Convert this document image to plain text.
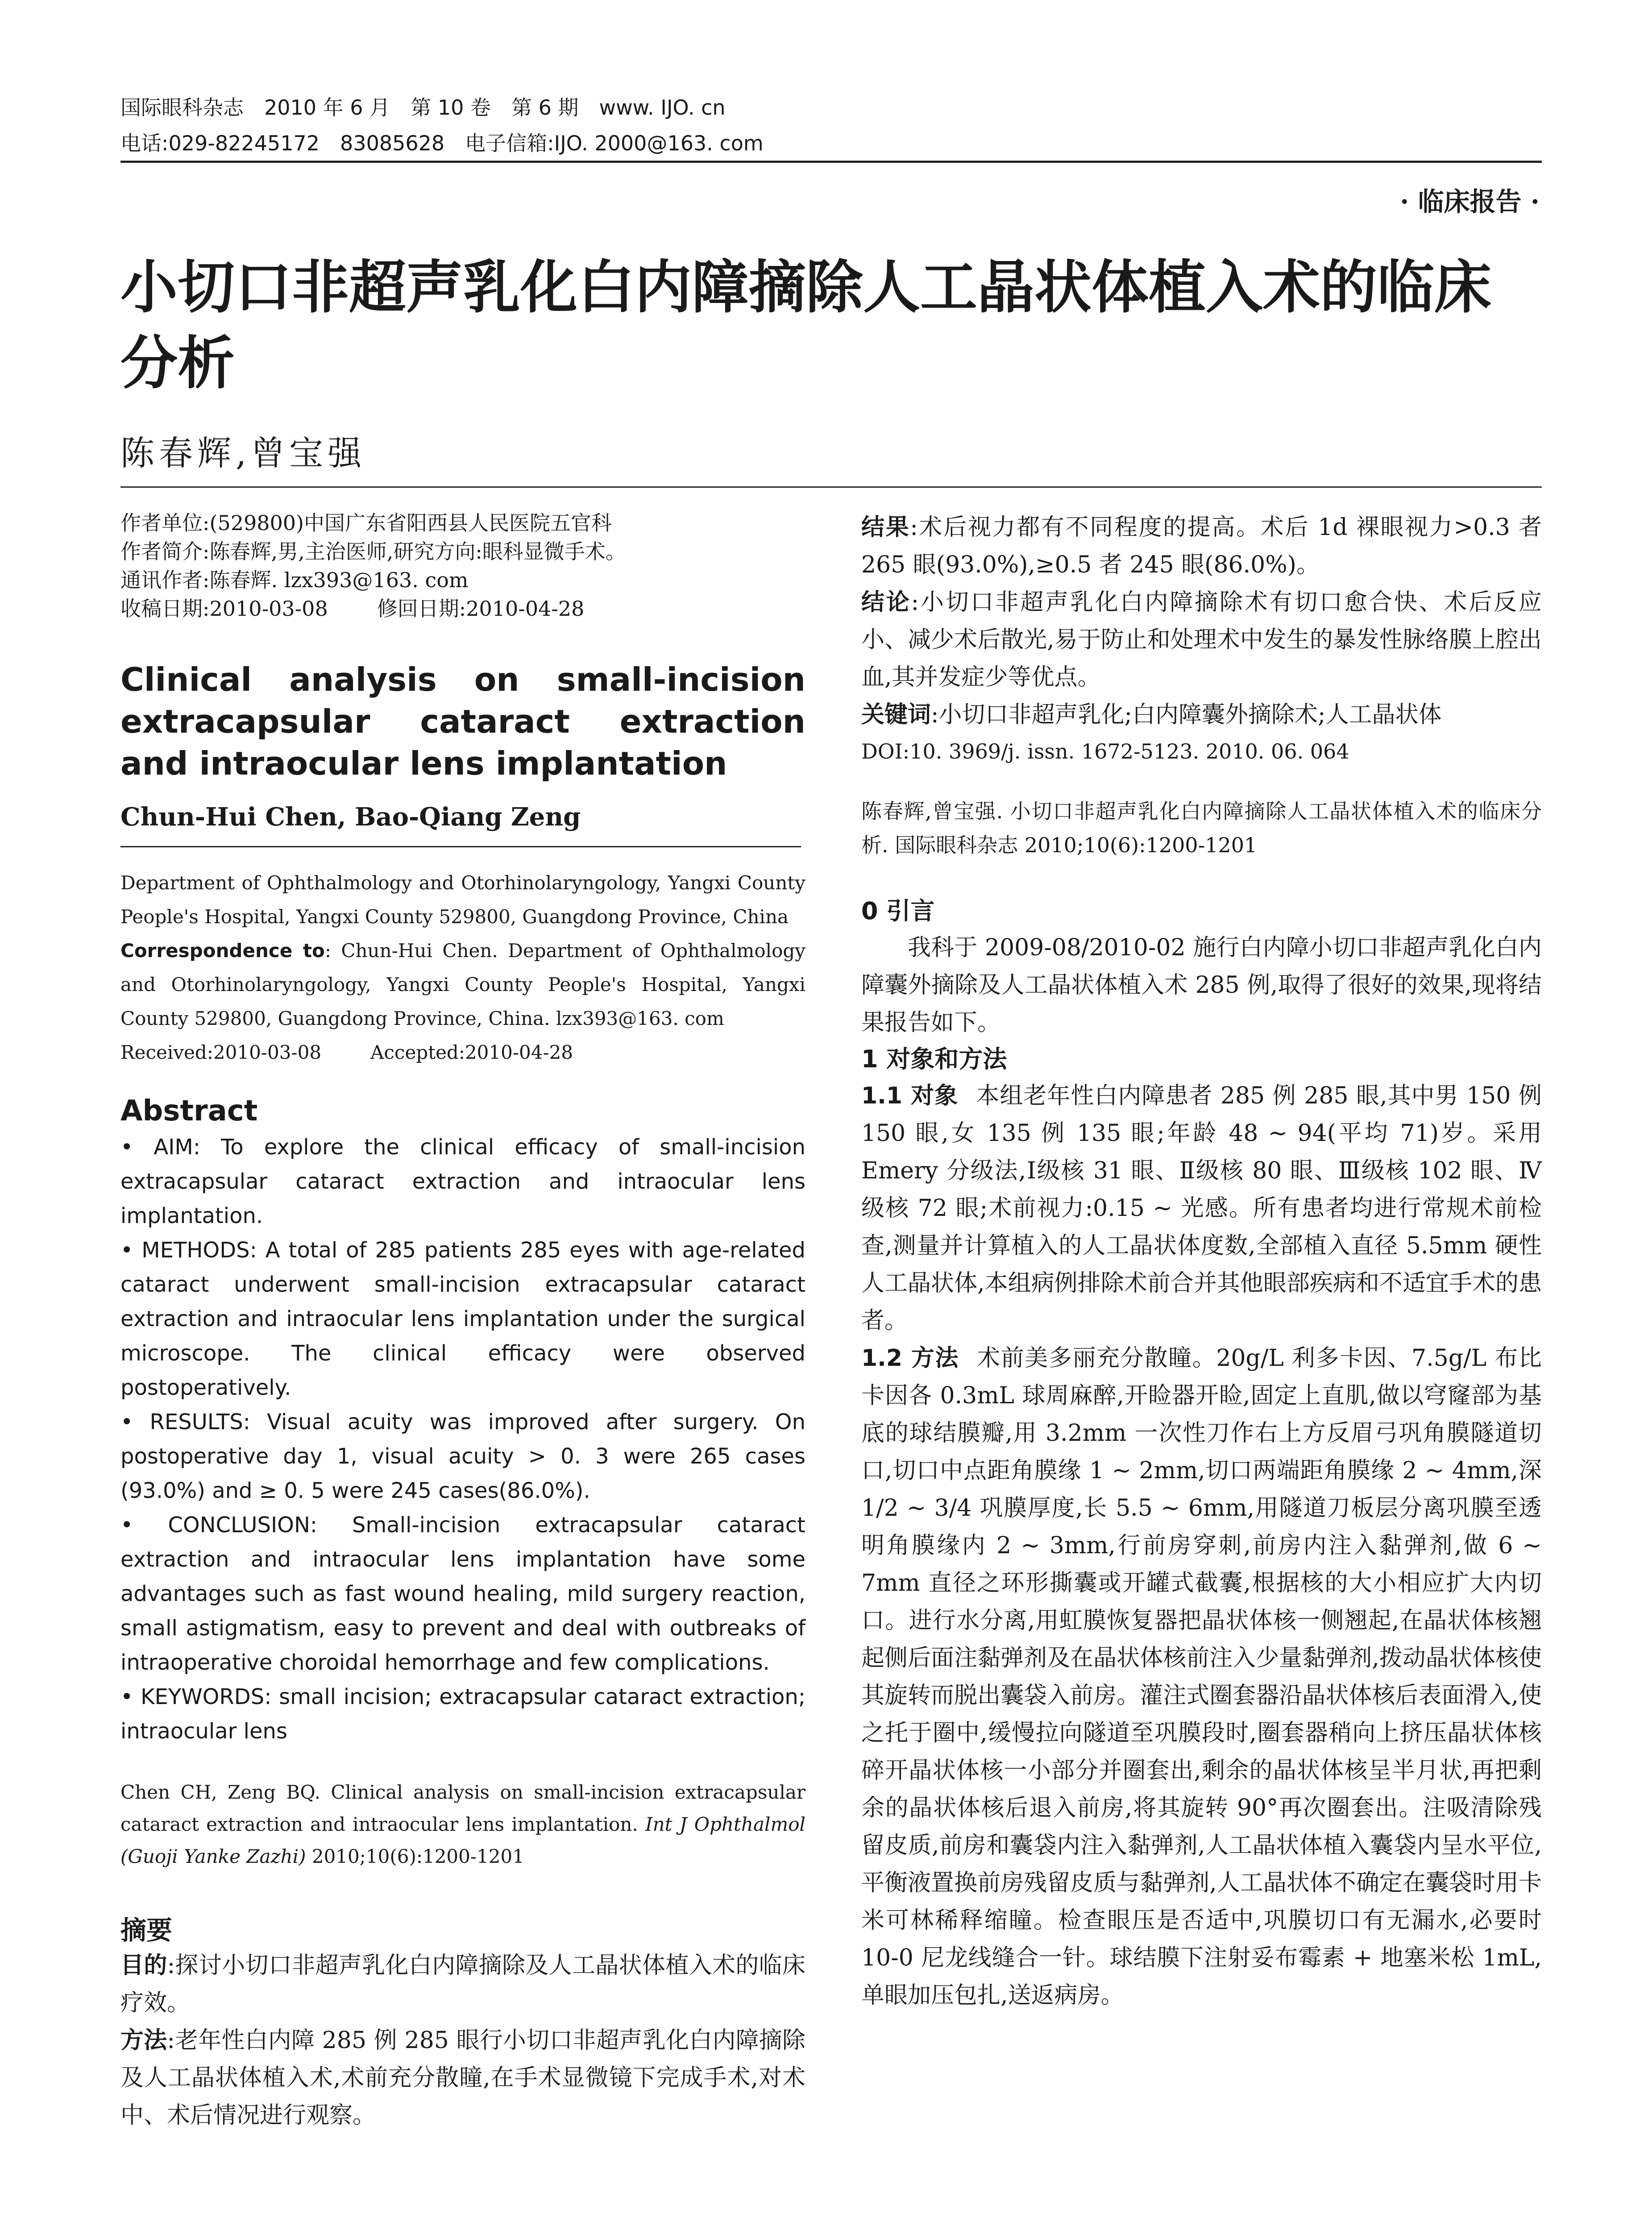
国际眼科杂志　2010 年 6 月　第 10 卷　第 6 期　www. IJO. cn
电话:029-82245172　83085628　电子信箱:IJO. 2000@163. com
· 临床报告 ·
小切口非超声乳化白内障摘除人工晶状体植入术的临床分析
陈春辉,曾宝强
作者单位:(529800)中国广东省阳西县人民医院五官科
作者简介:陈春辉,男,主治医师,研究方向:眼科显微手术。
通讯作者:陈春辉. lzx393@163. com
收稿日期:2010-03-08 修回日期:2010-04-28
Clinical analysis on small-incision extracapsular cataract extraction and intraocular lens implantation
Chun-Hui Chen, Bao-Qiang Zeng
Department of Ophthalmology and Otorhinolaryngology, Yangxi County People's Hospital, Yangxi County 529800, Guangdong Province, China
Correspondence to: Chun-Hui Chen. Department of Ophthalmology and Otorhinolaryngology, Yangxi County People's Hospital, Yangxi County 529800, Guangdong Province, China. lzx393@163. com
Received:2010-03-08	Accepted:2010-04-28
Abstract
• AIM: To explore the clinical efficacy of small-incision extracapsular cataract extraction and intraocular lens implantation.
• METHODS: A total of 285 patients 285 eyes with age-related cataract underwent small-incision extracapsular cataract extraction and intraocular lens implantation under the surgical microscope. The clinical efficacy were observed postoperatively.
• RESULTS: Visual acuity was improved after surgery. On postoperative day 1, visual acuity > 0. 3 were 265 cases (93.0%) and ≥ 0. 5 were 245 cases(86.0%).
• CONCLUSION: Small-incision extracapsular cataract extraction and intraocular lens implantation have some advantages such as fast wound healing, mild surgery reaction, small astigmatism, easy to prevent and deal with outbreaks of intraoperative choroidal hemorrhage and few complications.
• KEYWORDS: small incision; extracapsular cataract extraction; intraocular lens
Chen CH, Zeng BQ. Clinical analysis on small-incision extracapsular cataract extraction and intraocular lens implantation. Int J Ophthalmol (Guoji Yanke Zazhi) 2010;10(6):1200-1201
摘要
目的:探讨小切口非超声乳化白内障摘除及人工晶状体植入术的临床疗效。
方法:老年性白内障 285 例 285 眼行小切口非超声乳化白内障摘除及人工晶状体植入术,术前充分散瞳,在手术显微镜下完成手术,对术中、术后情况进行观察。
结果:术后视力都有不同程度的提高。术后 1d 裸眼视力>0.3 者 265 眼(93.0%),≥0.5 者 245 眼(86.0%)。
结论:小切口非超声乳化白内障摘除术有切口愈合快、术后反应小、减少术后散光,易于防止和处理术中发生的暴发性脉络膜上腔出血,其并发症少等优点。
关键词:小切口非超声乳化;白内障囊外摘除术;人工晶状体
DOI:10. 3969/j. issn. 1672-5123. 2010. 06. 064
陈春辉,曾宝强. 小切口非超声乳化白内障摘除人工晶状体植入术的临床分析. 国际眼科杂志 2010;10(6):1200-1201
0 引言
我科于 2009-08/2010-02 施行白内障小切口非超声乳化白内障囊外摘除及人工晶状体植入术 285 例,取得了很好的效果,现将结果报告如下。
1 对象和方法
1.1 对象 本组老年性白内障患者 285 例 285 眼,其中男 150 例 150 眼,女 135 例 135 眼;年龄 48 ~ 94(平均 71)岁。采用 Emery 分级法,Ⅰ级核 31 眼、Ⅱ级核 80 眼、Ⅲ级核 102 眼、Ⅳ级核 72 眼;术前视力:0.15 ~ 光感。所有患者均进行常规术前检查,测量并计算植入的人工晶状体度数,全部植入直径 5.5mm 硬性人工晶状体,本组病例排除术前合并其他眼部疾病和不适宜手术的患者。
1.2 方法 术前美多丽充分散瞳。20g/L 利多卡因、7.5g/L 布比卡因各 0.3mL 球周麻醉,开睑器开睑,固定上直肌,做以穹窿部为基底的球结膜瓣,用 3.2mm 一次性刀作右上方反眉弓巩角膜隧道切口,切口中点距角膜缘 1 ~ 2mm,切口两端距角膜缘 2 ~ 4mm,深 1/2 ~ 3/4 巩膜厚度,长 5.5 ~ 6mm,用隧道刀板层分离巩膜至透明角膜缘内 2 ~ 3mm,行前房穿刺,前房内注入黏弹剂,做 6 ~ 7mm 直径之环形撕囊或开罐式截囊,根据核的大小相应扩大内切口。进行水分离,用虹膜恢复器把晶状体核一侧翘起,在晶状体核翘起侧后面注黏弹剂及在晶状体核前注入少量黏弹剂,拨动晶状体核使其旋转而脱出囊袋入前房。灌注式圈套器沿晶状体核后表面滑入,使之托于圈中,缓慢拉向隧道至巩膜段时,圈套器稍向上挤压晶状体核碎开晶状体核一小部分并圈套出,剩余的晶状体核呈半月状,再把剩余的晶状体核后退入前房,将其旋转 90°再次圈套出。注吸清除残留皮质,前房和囊袋内注入黏弹剂,人工晶状体植入囊袋内呈水平位,平衡液置换前房残留皮质与黏弹剂,人工晶状体不确定在囊袋时用卡米可林稀释缩瞳。检查眼压是否适中,巩膜切口有无漏水,必要时 10-0 尼龙线缝合一针。球结膜下注射妥布霉素 + 地塞米松 1mL,单眼加压包扎,送返病房。
